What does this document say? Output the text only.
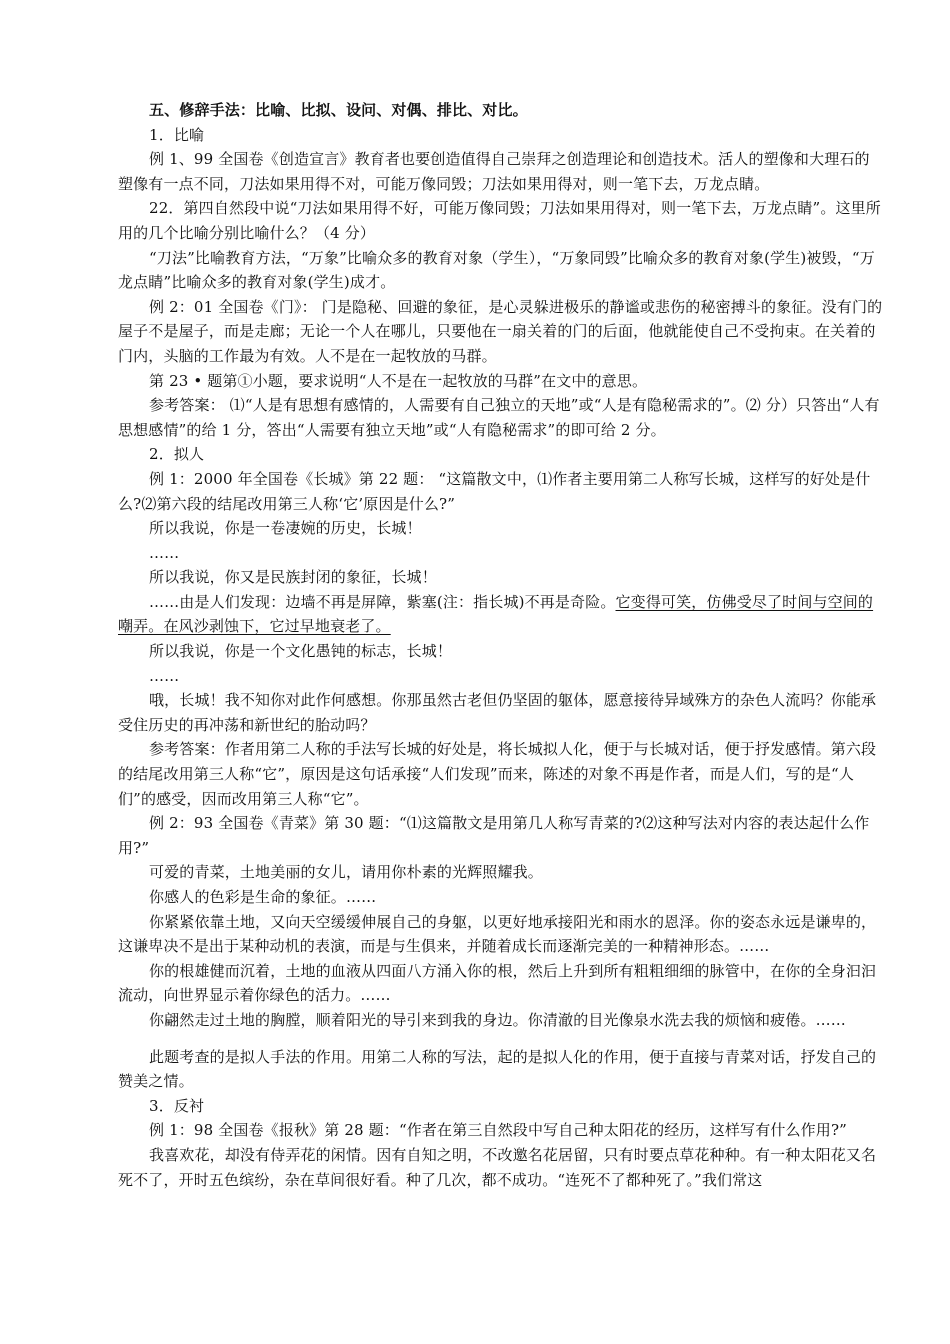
五、修辞手法：比喻、比拟、设问、对偶、排比、对比。

1．比喻

例 1、99 全国卷《创造宣言》教育者也要创造值得自己崇拜之创造理论和创造技术。活人的塑像和大理石的塑像有一点不同，刀法如果用得不对，可能万像同毁；刀法如果用得对，则一笔下去，万龙点睛。

22．第四自然段中说“刀法如果用得不好，可能万像同毁；刀法如果用得对，则一笔下去，万龙点睛”。这里所用的几个比喻分别比喻什么？（4 分）

“刀法”比喻教育方法，“万象”比喻众多的教育对象（学生），“万象同毁”比喻众多的教育对象(学生)被毁，“万龙点睛”比喻众多的教育对象(学生)成才。

例 2：01 全国卷《门》： 门是隐秘、回避的象征，是心灵躲进极乐的静谧或悲伤的秘密搏斗的象征。没有门的屋子不是屋子，而是走廊；无论一个人在哪儿，只要他在一扇关着的门的后面，他就能使自己不受拘束。在关着的门内，头脑的工作最为有效。人不是在一起牧放的马群。

第 23 • 题第①小题，要求说明“人不是在一起牧放的马群”在文中的意思。

参考答案： ⑴“人是有思想有感情的，人需要有自己独立的天地”或“人是有隐秘需求的”。⑵ 分）只答出“人有思想感情”的给 1 分，答出“人需要有独立天地”或“人有隐秘需求”的即可给 2 分。

2．拟人

例 1：2000 年全国卷《长城》第 22 题： “这篇散文中，⑴作者主要用第二人称写长城，这样写的好处是什么?⑵第六段的结尾改用第三人称‘它’原因是什么?”

所以我说，你是一卷凄婉的历史，长城！

……

所以我说，你又是民族封闭的象征，长城！

……由是人们发现：边墙不再是屏障，紫塞(注：指长城)不再是奇险。它变得可笑，仿佛受尽了时间与空间的嘲弄。在风沙剥蚀下，它过早地衰老了。

所以我说，你是一个文化愚钝的标志，长城！

……

哦，长城！我不知你对此作何感想。你那虽然古老但仍坚固的躯体，愿意接待异域殊方的杂色人流吗？你能承受住历史的再冲荡和新世纪的胎动吗？

参考答案：作者用第二人称的手法写长城的好处是，将长城拟人化，便于与长城对话，便于抒发感情。第六段的结尾改用第三人称“它”，原因是这句话承接“人们发现”而来，陈述的对象不再是作者，而是人们，写的是“人们”的感受，因而改用第三人称“它”。

例 2：93 全国卷《青菜》第 30 题：“⑴这篇散文是用第几人称写青菜的?⑵这种写法对内容的表达起什么作用?”

可爱的青菜，土地美丽的女儿，请用你朴素的光辉照耀我。

你感人的色彩是生命的象征。……

你紧紧依靠土地，又向天空缓缓伸展自己的身躯，以更好地承接阳光和雨水的恩泽。你的姿态永远是谦卑的，这谦卑决不是出于某种动机的表演，而是与生俱来，并随着成长而逐渐完美的一种精神形态。……

你的根雄健而沉着，土地的血液从四面八方涌入你的根，然后上升到所有粗粗细细的脉管中，在你的全身汩汩流动，向世界显示着你绿色的活力。……

你翩然走过土地的胸膛，顺着阳光的导引来到我的身边。你清澈的目光像泉水洗去我的烦恼和疲倦。……

此题考查的是拟人手法的作用。用第二人称的写法，起的是拟人化的作用，便于直接与青菜对话，抒发自己的赞美之情。

3．反衬

例 1：98 全国卷《报秋》第 28 题：“作者在第三自然段中写自己种太阳花的经历，这样写有什么作用?”

我喜欢花，却没有侍弄花的闲情。因有自知之明，不改邀名花居留，只有时要点草花种种。有一种太阳花又名死不了，开时五色缤纷，杂在草间很好看。种了几次，都不成功。“连死不了都种死了。”我们常这
